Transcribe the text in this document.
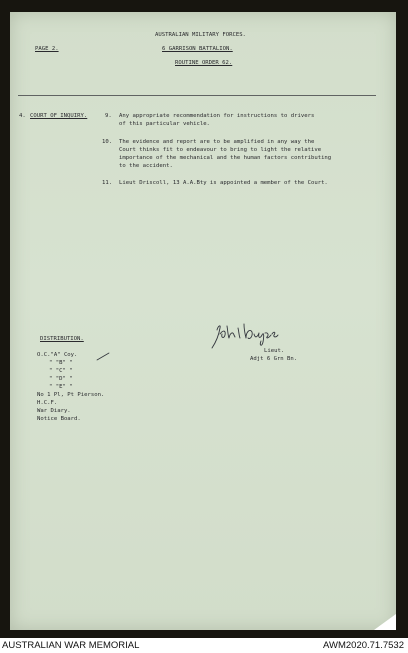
AUSTRALIAN MILITARY FORCES.
PAGE 2.	6 GARRISON BATTALION.
ROUTINE ORDER 62.
4. COURT OF INQUIRY.	9. Any appropriate recommendation for instructions to drivers
of this particular vehicle.
10. The evidence and report are to be amplified in any way the
Court thinks fit to endeavour to bring to light the relative
importance of the mechanical and the human factors contributing
to the accident.
11. Lieut Driscoll, 13 A.A.Bty is appointed a member of the Court.
Lieut.
Adjt 6 Grn Bn.
DISTRIBUTION.
O.C."A" Coy.
" "B" "
" "C" "
" "D" "
" "E" "
No 1 Pl, Pt Pierson.
H.C.F.
War Diary.
Notice Board.
AUSTRALIAN WAR MEMORIAL	AWM2020.71.7532
